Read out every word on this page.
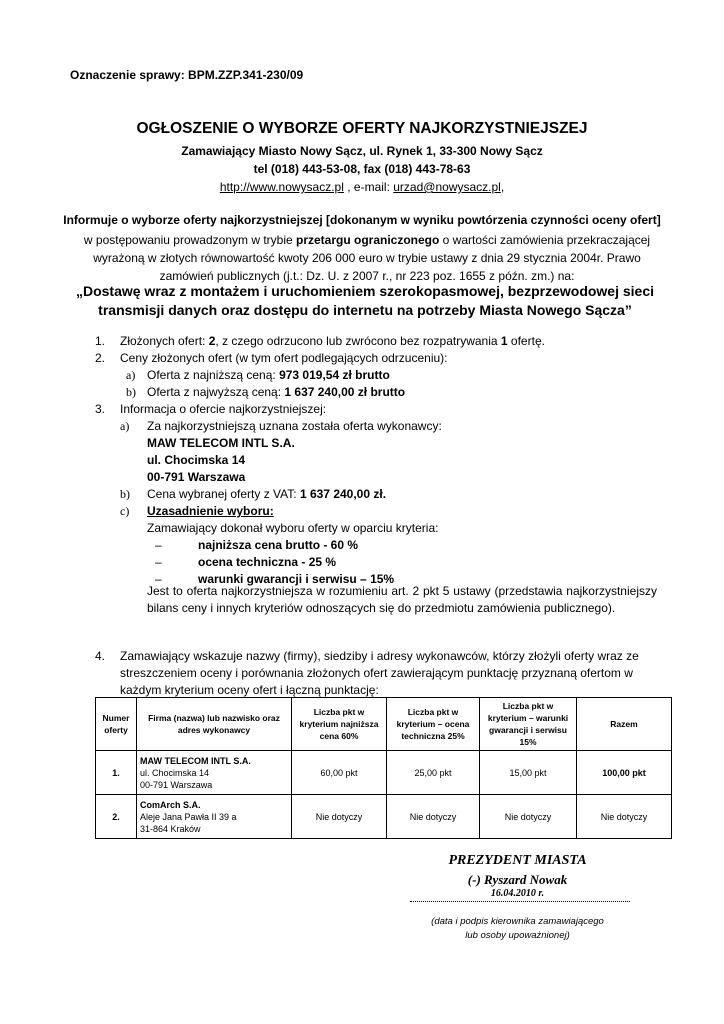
Oznaczenie sprawy: BPM.ZZP.341-230/09
OGŁOSZENIE O WYBORZE OFERTY NAJKORZYSTNIEJSZEJ
Zamawiający Miasto Nowy Sącz, ul. Rynek 1, 33-300 Nowy Sącz
tel (018) 443-53-08, fax (018) 443-78-63
http://www.nowysacz.pl , e-mail: urzad@nowysacz.pl,
Informuje o wyborze oferty najkorzystniejszej [dokonanym w wyniku powtórzenia czynności oceny ofert]
w postępowaniu prowadzonym w trybie przetargu ograniczonego o wartości zamówienia przekraczającej
wyrażoną w złotych równowartość kwoty 206 000 euro w trybie ustawy z dnia 29 stycznia 2004r. Prawo
zamówień publicznych (j.t.: Dz. U. z 2007 r., nr 223 poz. 1655 z późn. zm.) na:
„Dostawę wraz z montażem i uruchomieniem szerokopasmowej, bezprzewodowej sieci
transmisji danych oraz dostępu do internetu na potrzeby Miasta Nowego Sącza”
1. Złożonych ofert: 2, z czego odrzucono lub zwrócono bez rozpatrywania 1 ofertę.
2. Ceny złożonych ofert (w tym ofert podlegających odrzuceniu):
a) Oferta z najniższą ceną: 973 019,54 zł brutto
b) Oferta z najwyższą ceną: 1 637 240,00 zł brutto
3. Informacja o ofercie najkorzystniejszej:
a) Za najkorzystniejszą uznana została oferta wykonawcy:
MAW TELECOM INTL S.A.
ul. Chocimska 14
00-791 Warszawa
b) Cena wybranej oferty z VAT: 1 637 240,00 zł.
c) Uzasadnienie wyboru:
Zamawiający dokonał wyboru oferty w oparciu kryteria:
–	najniższa cena brutto - 60 %
–	ocena techniczna - 25 %
–	warunki gwarancji i serwisu – 15%
Jest to oferta najkorzystniejsza w rozumieniu art. 2 pkt 5 ustawy (przedstawia najkorzystniejszy bilans ceny i innych kryteriów odnoszących się do przedmiotu zamówienia publicznego).
4. Zamawiający wskazuje nazwy (firmy), siedziby i adresy wykonawców, którzy złożyli oferty wraz ze
streszczeniem oceny i porównania złożonych ofert zawierającym punktację przyznaną ofertom w
każdym kryterium oceny ofert i łączną punktację:
Numer oferty	Firma (nazwa) lub nazwisko oraz adres wykonawcy	Liczba pkt w kryterium najniższa cena 60%	Liczba pkt w kryterium – ocena techniczna 25%	Liczba pkt w kryterium – warunki gwarancji i serwisu 15%	Razem
1.	MAW TELECOM INTL S.A.
ul. Chocimska 14
00-791 Warszawa	60,00 pkt	25,00 pkt	15,00 pkt	100,00 pkt
2.	ComArch S.A.
Aleje Jana Pawła II 39 a
31-864 Kraków	Nie dotyczy	Nie dotyczy	Nie dotyczy	Nie dotyczy
PREZYDENT MIASTA
(-) Ryszard Nowak
16.04.2010 r.
(data i podpis kierownika zamawiającego
lub osoby upoważnionej)
